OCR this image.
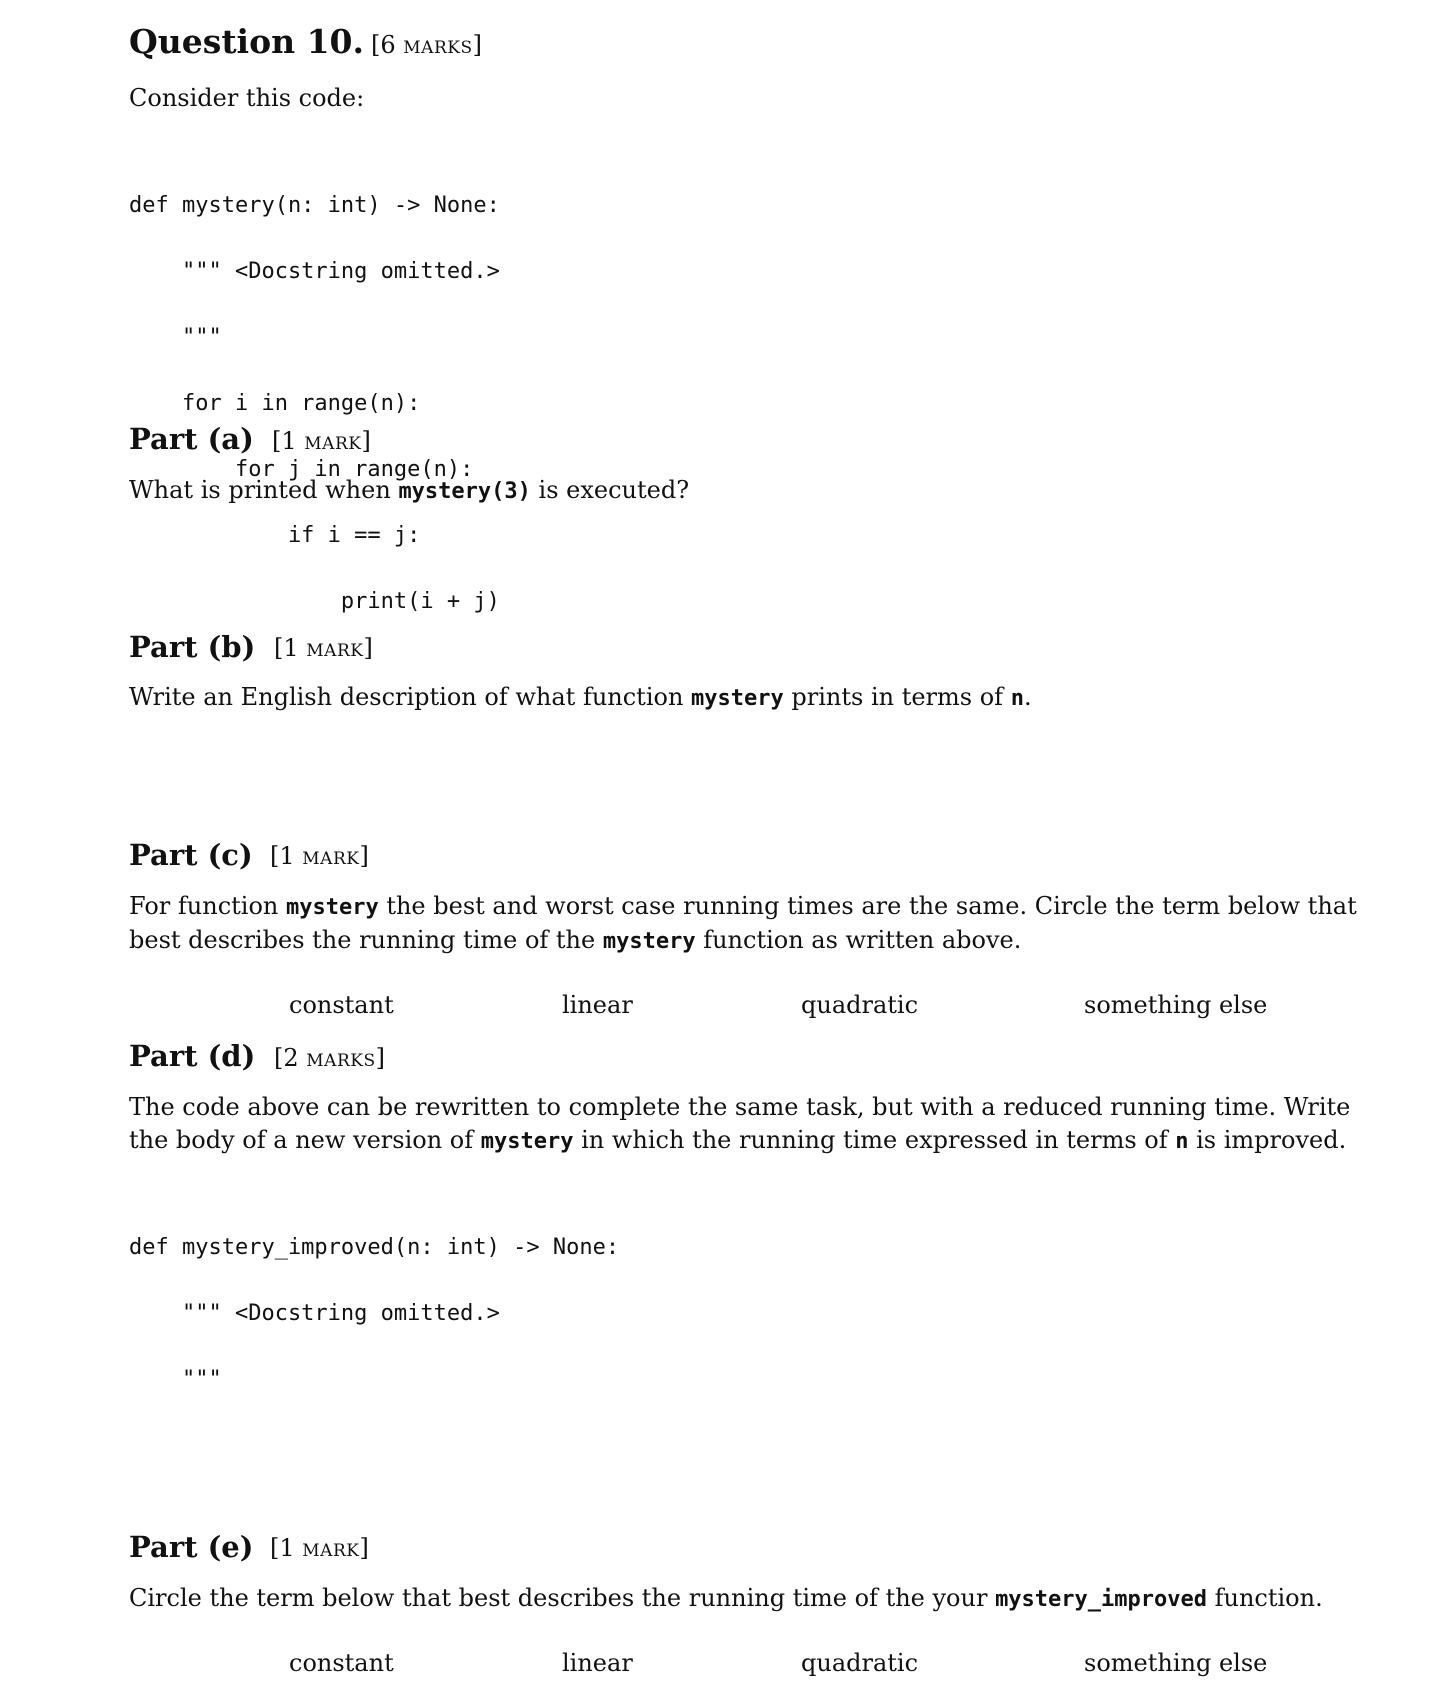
Question 10. [6 marks]
Consider this code:

def mystery(n: int) -> None:

""" <Docstring omitted.>

"""

for i in range(n):

for j in range(n):

if i == j:

print(i + j)

Part (a) [1 mark]
What is printed when mystery(3) is executed?
Part (b) [1 mark]
Write an English description of what function mystery prints in terms of n.
Part (c) [1 mark]
For function mystery the best and worst case running times are the same. Circle the term below that best describes the running time of the mystery function as written above.
constant	linear	quadratic	something else
Part (d) [2 marks]
The code above can be rewritten to complete the same task, but with a reduced running time. Write the body of a new version of mystery in which the running time expressed in terms of n is improved.

def mystery_improved(n: int) -> None:

""" <Docstring omitted.>

"""

Part (e) [1 mark]
Circle the term below that best describes the running time of the your mystery_improved function.
constant	linear	quadratic	something else
